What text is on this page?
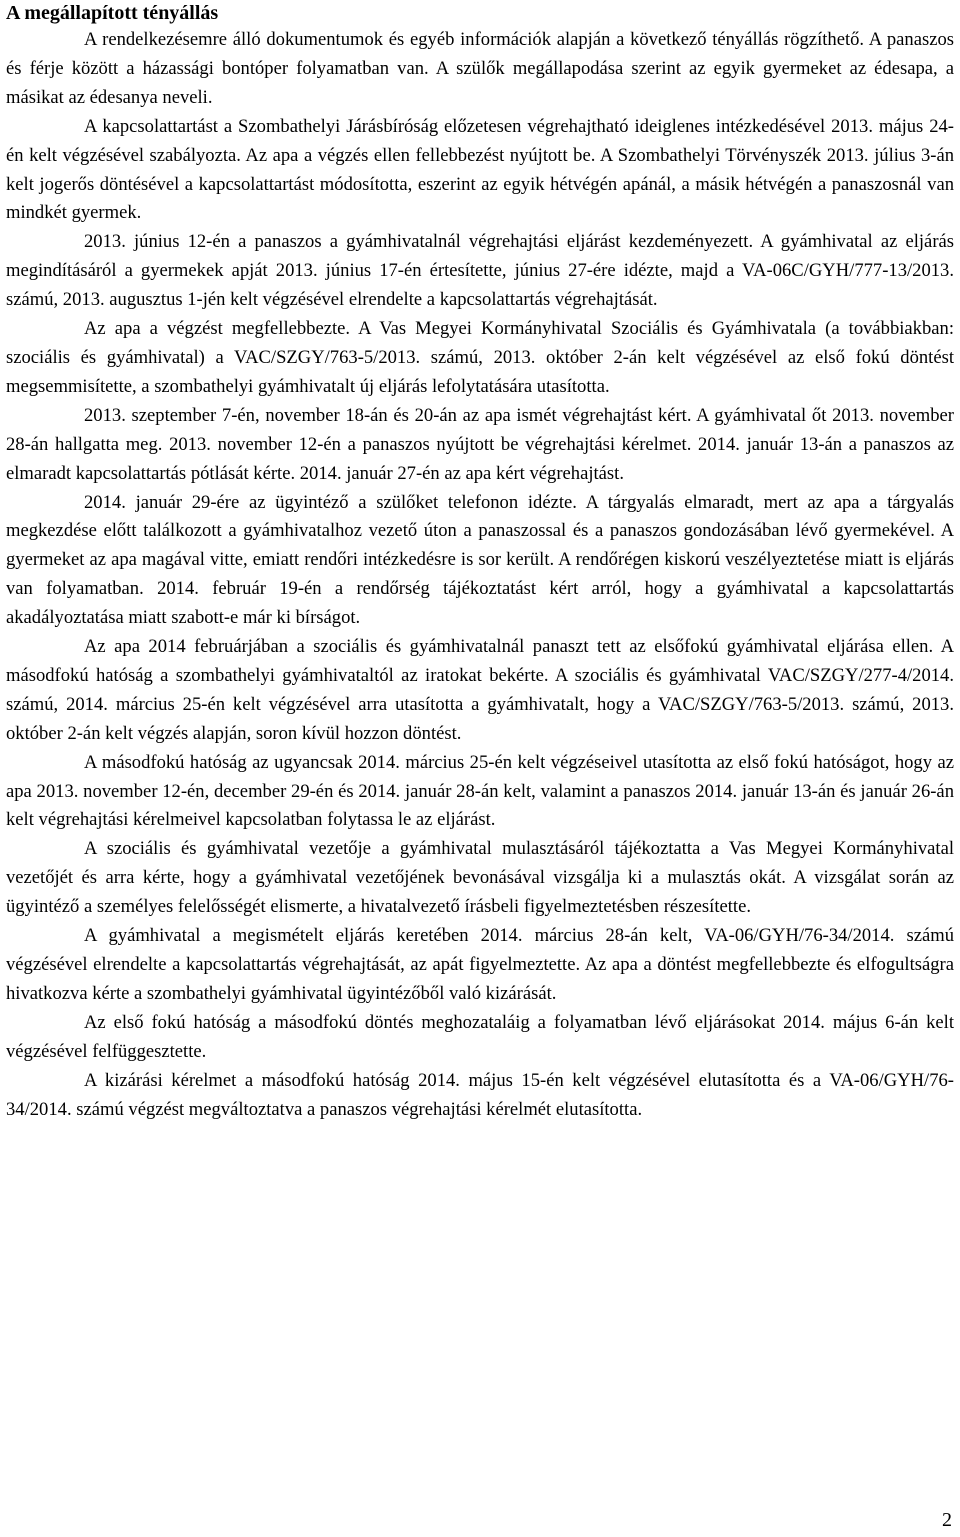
A megállapított tényállás

A rendelkezésemre álló dokumentumok és egyéb információk alapján a következő tényállás rögzíthető. A panaszos és férje között a házassági bontóper folyamatban van. A szülők megállapodása szerint az egyik gyermeket az édesapa, a másikat az édesanya neveli.

A kapcsolattartást a Szombathelyi Járásbíróság előzetesen végrehajtható ideiglenes intézkedésével 2013. május 24-én kelt végzésével szabályozta. Az apa a végzés ellen fellebbezést nyújtott be. A Szombathelyi Törvényszék 2013. július 3-án kelt jogerős döntésével a kapcsolattartást módosította, eszerint az egyik hétvégén apánál, a másik hétvégén a panaszosnál van mindkét gyermek.

2013. június 12-én a panaszos a gyámhivatalnál végrehajtási eljárást kezdeményezett. A gyámhivatal az eljárás megindításáról a gyermekek apját 2013. június 17-én értesítette, június 27-ére idézte, majd a VA-06C/GYH/777-13/2013. számú, 2013. augusztus 1-jén kelt végzésével elrendelte a kapcsolattartás végrehajtását.

Az apa a végzést megfellebbezte. A Vas Megyei Kormányhivatal Szociális és Gyámhivatala (a továbbiakban: szociális és gyámhivatal) a VAC/SZGY/763-5/2013. számú, 2013. október 2-án kelt végzésével az első fokú döntést megsemmisítette, a szombathelyi gyámhivatalt új eljárás lefolytatására utasította.

2013. szeptember 7-én, november 18-án és 20-án az apa ismét végrehajtást kért. A gyámhivatal őt 2013. november 28-án hallgatta meg. 2013. november 12-én a panaszos nyújtott be végrehajtási kérelmet. 2014. január 13-án a panaszos az elmaradt kapcsolattartás pótlását kérte. 2014. január 27-én az apa kért végrehajtást.

2014. január 29-ére az ügyintéző a szülőket telefonon idézte. A tárgyalás elmaradt, mert az apa a tárgyalás megkezdése előtt találkozott a gyámhivatalhoz vezető úton a panaszossal és a panaszos gondozásában lévő gyermekével. A gyermeket az apa magával vitte, emiatt rendőri intézkedésre is sor került. A rendőrégen kiskorú veszélyeztetése miatt is eljárás van folyamatban. 2014. február 19-én a rendőrség tájékoztatást kért arról, hogy a gyámhivatal a kapcsolattartás akadályoztatása miatt szabott-e már ki bírságot.

Az apa 2014 februárjában a szociális és gyámhivatalnál panaszt tett az elsőfokú gyámhivatal eljárása ellen. A másodfokú hatóság a szombathelyi gyámhivataltól az iratokat bekérte. A szociális és gyámhivatal VAC/SZGY/277-4/2014. számú, 2014. március 25-én kelt végzésével arra utasította a gyámhivatalt, hogy a VAC/SZGY/763-5/2013. számú, 2013. október 2-án kelt végzés alapján, soron kívül hozzon döntést.

A másodfokú hatóság az ugyancsak 2014. március 25-én kelt végzéseivel utasította az első fokú hatóságot, hogy az apa 2013. november 12-én, december 29-én és 2014. január 28-án kelt, valamint a panaszos 2014. január 13-án és január 26-án kelt végrehajtási kérelmeivel kapcsolatban folytassa le az eljárást.

A szociális és gyámhivatal vezetője a gyámhivatal mulasztásáról tájékoztatta a Vas Megyei Kormányhivatal vezetőjét és arra kérte, hogy a gyámhivatal vezetőjének bevonásával vizsgálja ki a mulasztás okát. A vizsgálat során az ügyintéző a személyes felelősségét elismerte, a hivatalvezető írásbeli figyelmeztetésben részesítette.

A gyámhivatal a megismételt eljárás keretében 2014. március 28-án kelt, VA-06/GYH/76-34/2014. számú végzésével elrendelte a kapcsolattartás végrehajtását, az apát figyelmeztette. Az apa a döntést megfellebbezte és elfogultságra hivatkozva kérte a szombathelyi gyámhivatal ügyintézőből való kizárását.

Az első fokú hatóság a másodfokú döntés meghozataláig a folyamatban lévő eljárásokat 2014. május 6-án kelt végzésével felfüggesztette.

A kizárási kérelmet a másodfokú hatóság 2014. május 15-én kelt végzésével elutasította és a VA-06/GYH/76-34/2014. számú végzést megváltoztatva a panaszos végrehajtási kérelmét elutasította.

2
